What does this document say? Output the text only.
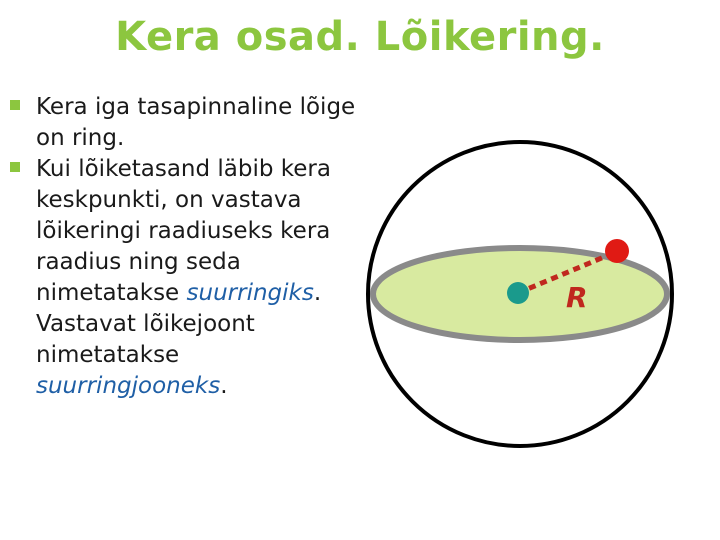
Kera osad. Lõikering.
Kera iga tasapinnaline lõige on ring.
Kui lõiketasand läbib kera keskpunkti, on vastava lõikeringi raadiuseks kera raadius ning seda nimetatakse suurringiks. Vastavat lõikejoont nimetatakse suurringjooneks.
R
